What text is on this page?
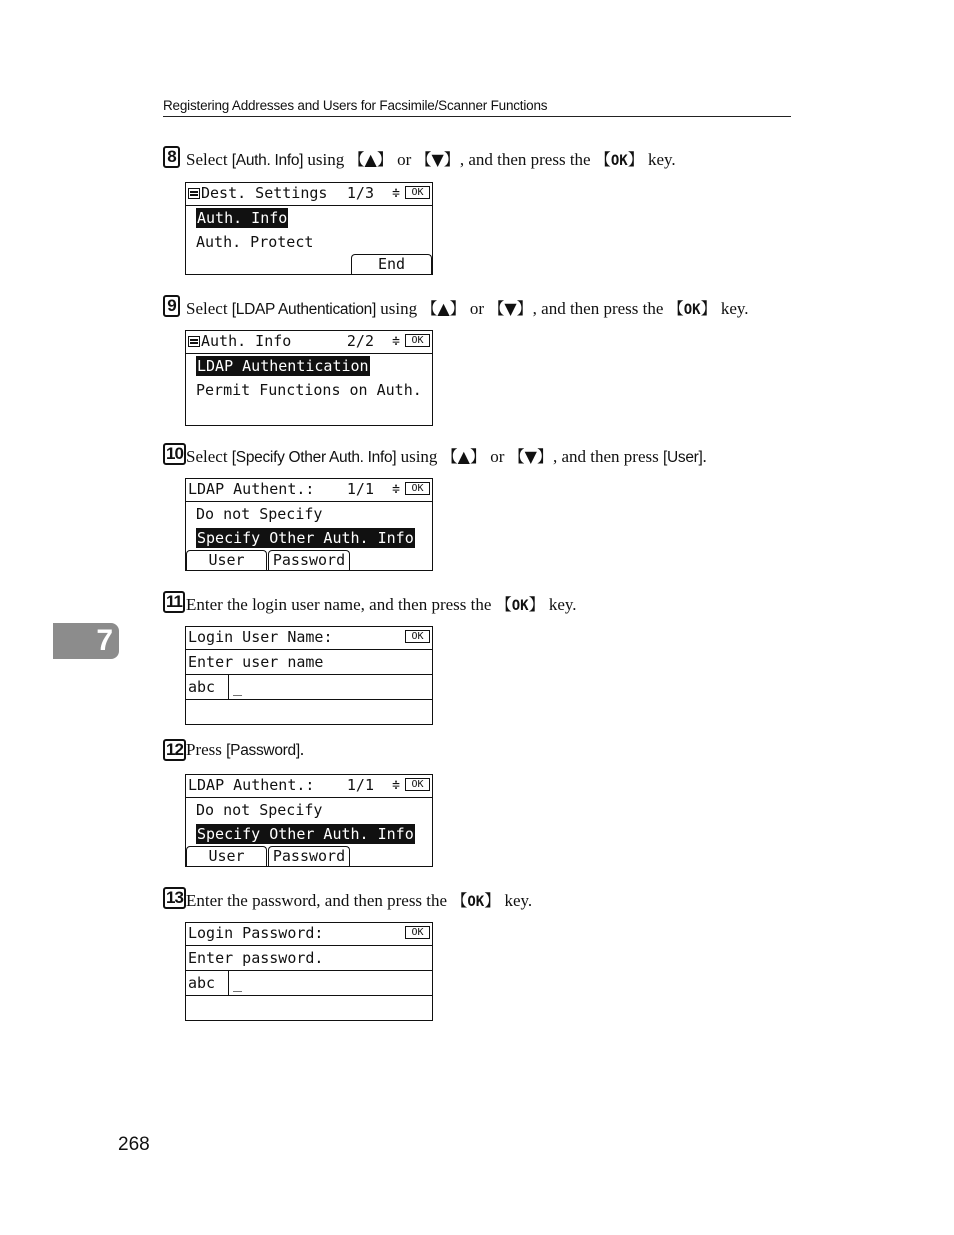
Registering Addresses and Users for Facsimile/Scanner Functions
7
8 Select [Auth. Info] using 【▲】 or 【▼】, and then press the 【OK】 key.
Dest. Settings 1/3 ≑	OK
Auth. Info
Auth. Protect
End
9 Select [LDAP Authentication] using 【▲】 or 【▼】, and then press the 【OK】 key.
Auth. Info	2/2 ≑	OK
LDAP Authentication
Permit Functions on Auth.
10 Select [Specify Other Auth. Info] using 【▲】 or 【▼】, and then press [User].
LDAP Authent.: 1/1 ≑	OK
Do not Specify
Specify Other Auth. Info
User	Password
11 Enter the login user name, and then press the 【OK】 key.
Login User Name:	OK
Enter user name
abc	_
12 Press [Password].
LDAP Authent.: 1/1 ≑	OK
Do not Specify
Specify Other Auth. Info
User	Password
13 Enter the password, and then press the 【OK】 key.
Login Password:	OK
Enter password.
abc	_
268
